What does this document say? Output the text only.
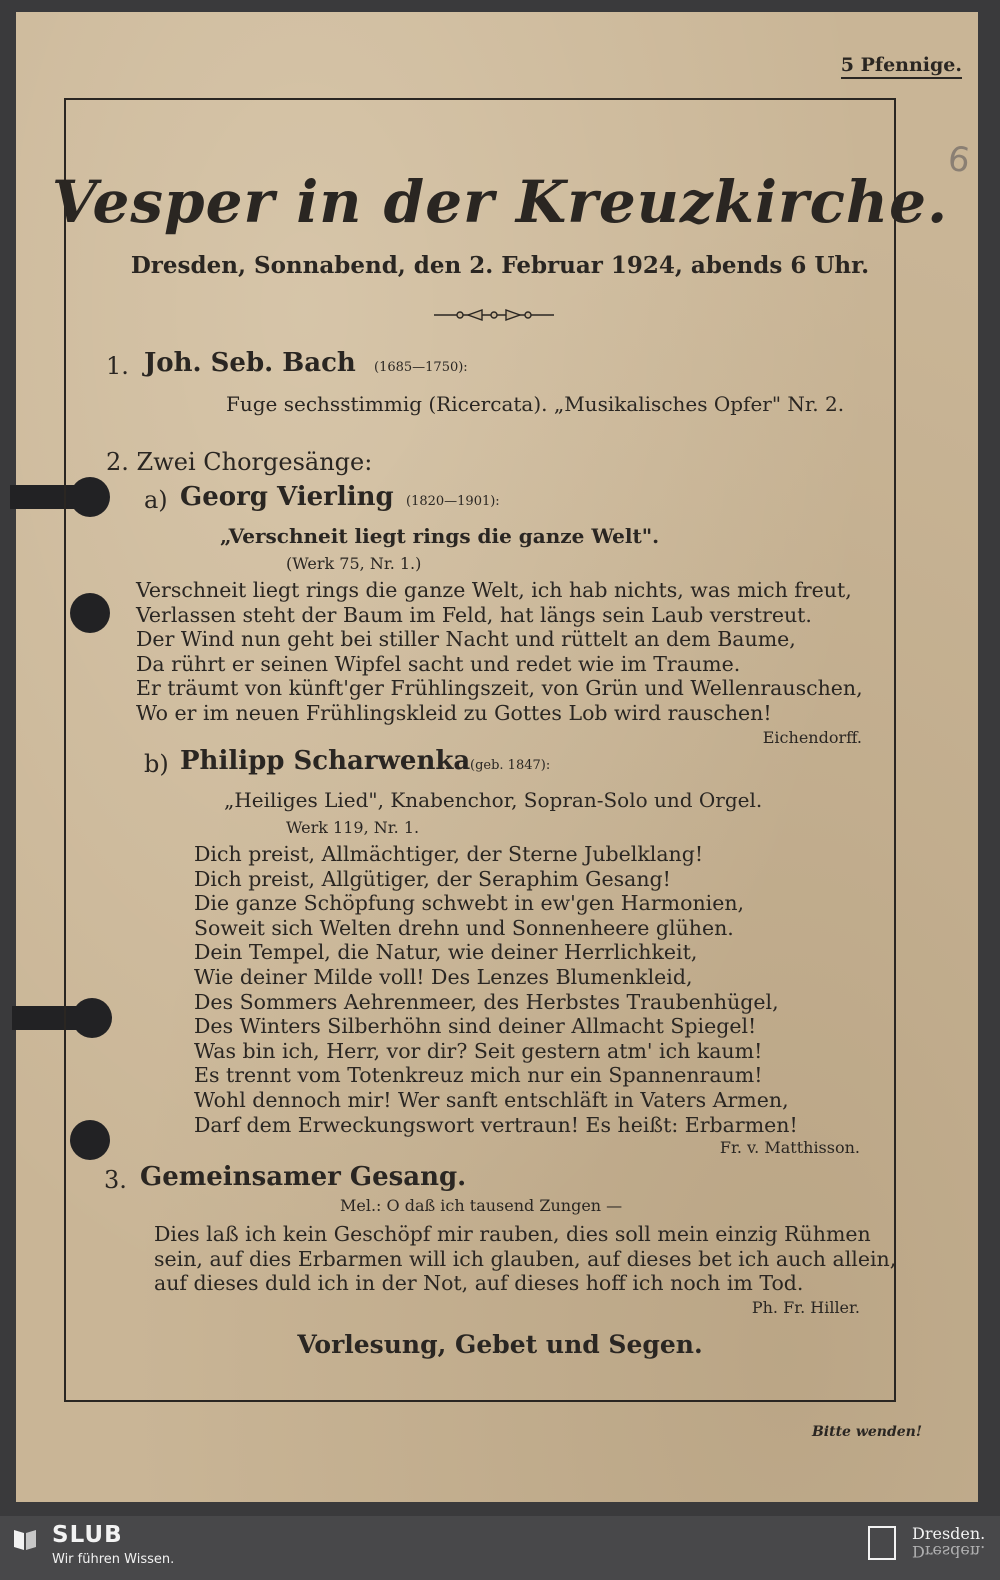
5 Pfennige.
6
Vesper in der Kreuzkirche.
Dresden, Sonnabend, den 2. Februar 1924, abends 6 Uhr.
1. Joh. Seb. Bach (1685—1750):
Fuge sechsstimmig (Ricercata). „Musikalisches Opfer" Nr. 2.
2. Zwei Chorgesänge:
a) Georg Vierling (1820—1901):
„Verschneit liegt rings die ganze Welt".
(Werk 75, Nr. 1.)
Verschneit liegt rings die ganze Welt, ich hab nichts, was mich freut,
Verlassen steht der Baum im Feld, hat längs sein Laub verstreut.
Der Wind nun geht bei stiller Nacht und rüttelt an dem Baume,
Da rührt er seinen Wipfel sacht und redet wie im Traume.
Er träumt von künft'ger Frühlingszeit, von Grün und Wellenrauschen,
Wo er im neuen Frühlingskleid zu Gottes Lob wird rauschen!
Eichendorff.
b) Philipp Scharwenka (geb. 1847):
„Heiliges Lied", Knabenchor, Sopran-Solo und Orgel.
Werk 119, Nr. 1.
Dich preist, Allmächtiger, der Sterne Jubelklang!
Dich preist, Allgütiger, der Seraphim Gesang!
Die ganze Schöpfung schwebt in ew'gen Harmonien,
Soweit sich Welten drehn und Sonnenheere glühen.
Dein Tempel, die Natur, wie deiner Herrlichkeit,
Wie deiner Milde voll! Des Lenzes Blumenkleid,
Des Sommers Aehrenmeer, des Herbstes Traubenhügel,
Des Winters Silberhöhn sind deiner Allmacht Spiegel!
Was bin ich, Herr, vor dir? Seit gestern atm' ich kaum!
Es trennt vom Totenkreuz mich nur ein Spannenraum!
Wohl dennoch mir! Wer sanft entschläft in Vaters Armen,
Darf dem Erweckungswort vertraun! Es heißt: Erbarmen!
Fr. v. Matthisson.
3. Gemeinsamer Gesang.
Mel.: O daß ich tausend Zungen —
Dies laß ich kein Geschöpf mir rauben, dies soll mein einzig Rühmen
sein, auf dies Erbarmen will ich glauben, auf dieses bet ich auch allein,
auf dieses duld ich in der Not, auf dieses hoff ich noch im Tod.
Ph. Fr. Hiller.
Vorlesung, Gebet und Segen.
Bitte wenden!
SLUB
Wir führen Wissen.
Dresden.
Dresden.
